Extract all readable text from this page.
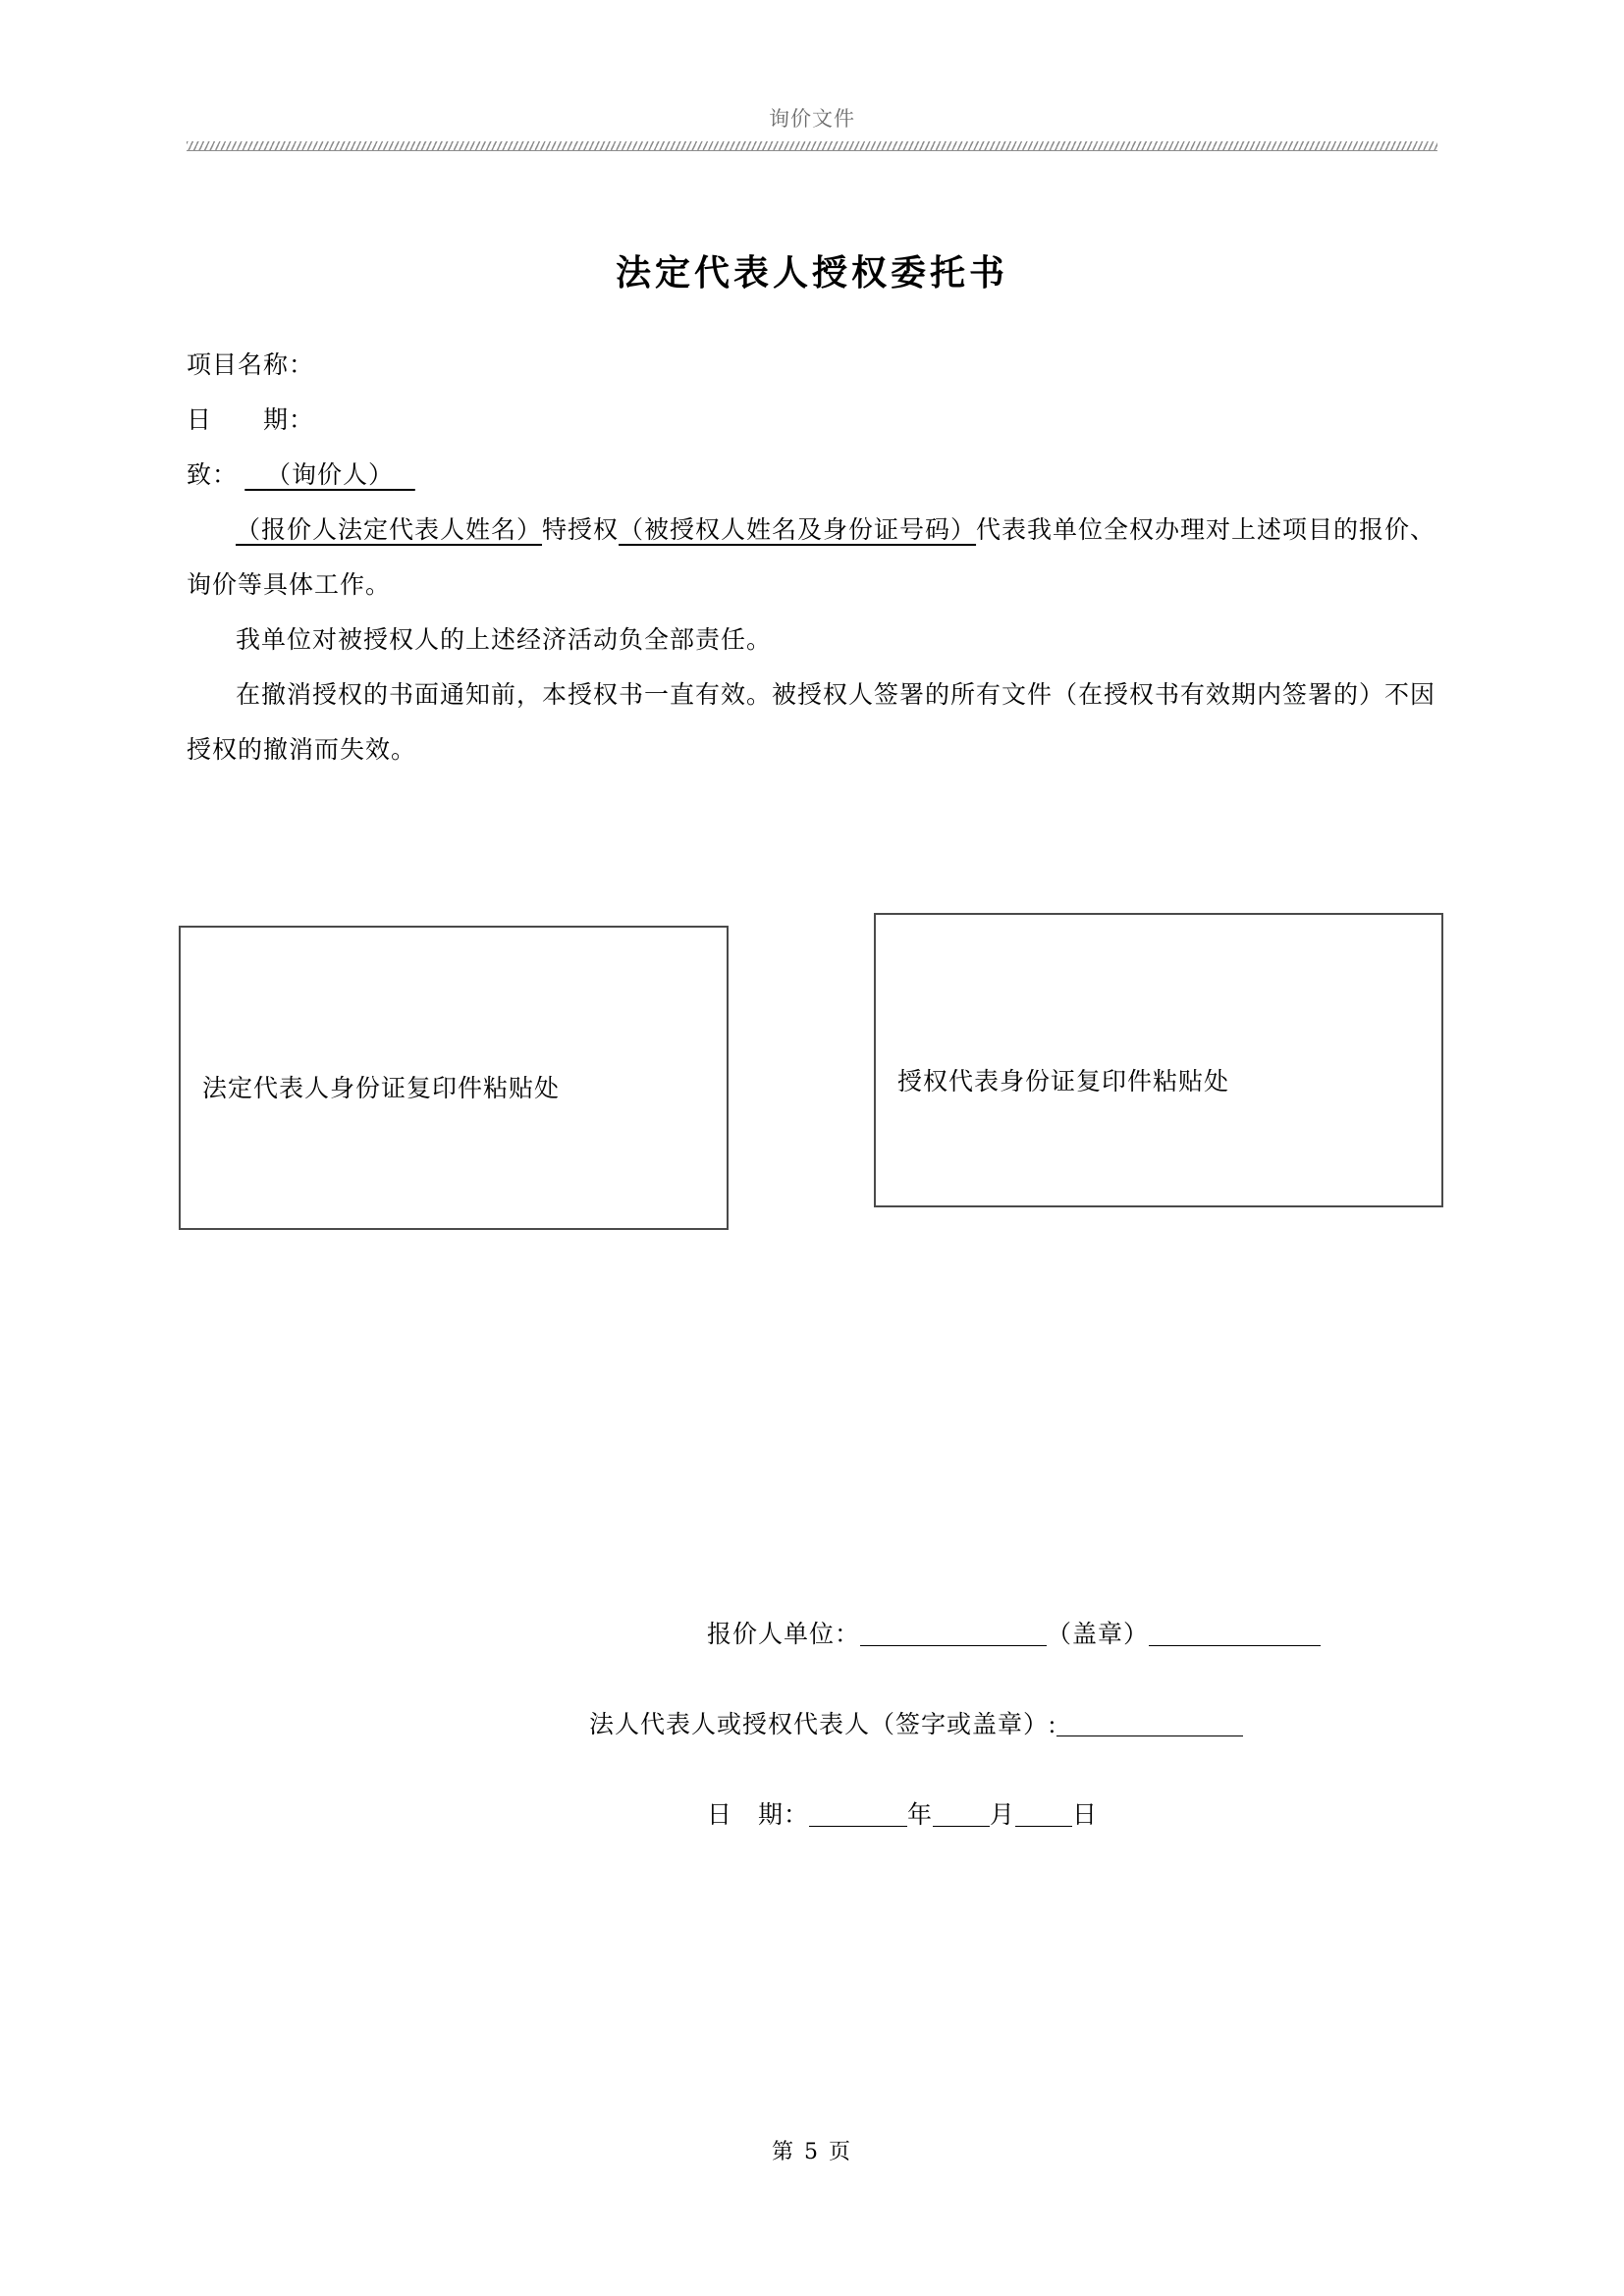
询价文件
法定代表人授权委托书
项目名称：
日　　期：
致： （询价人）
（报价人法定代表人姓名）特授权（被授权人姓名及身份证号码）代表我单位全权办理对上述项目的报价、询价等具体工作。
我单位对被授权人的上述经济活动负全部责任。
在撤消授权的书面通知前，本授权书一直有效。被授权人签署的所有文件（在授权书有效期内签署的）不因授权的撤消而失效。
法定代表人身份证复印件粘贴处	授权代表身份证复印件粘贴处
报价人单位：	（盖章）
法人代表人或授权代表人（签字或盖章）:
日　期：	年 月 日
第 5 页
